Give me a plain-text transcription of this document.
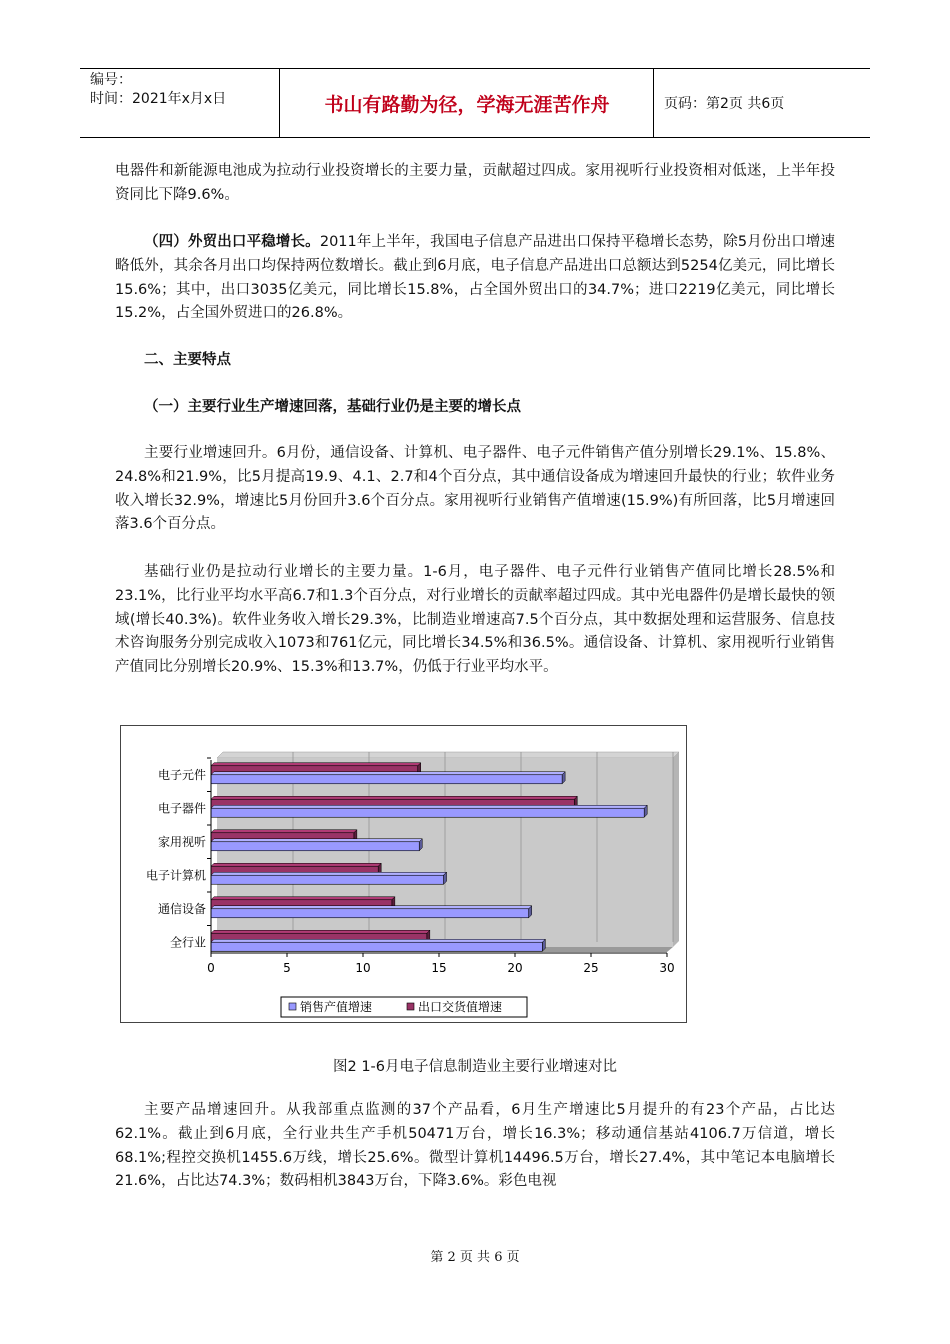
编号：
时间：2021年x月x日	书山有路勤为径，学海无涯苦作舟	页码：第2页 共6页

电器件和新能源电池成为拉动行业投资增长的主要力量，贡献超过四成。家用视听行业投资相对低迷，上半年投资同比下降9.6%。

（四）外贸出口平稳增长。2011年上半年，我国电子信息产品进出口保持平稳增长态势，除5月份出口增速略低外，其余各月出口均保持两位数增长。截止到6月底，电子信息产品进出口总额达到5254亿美元，同比增长15.6%；其中，出口3035亿美元，同比增长15.8%，占全国外贸出口的34.7%；进口2219亿美元，同比增长15.2%，占全国外贸进口的26.8%。

二、主要特点

（一）主要行业生产增速回落，基础行业仍是主要的增长点

主要行业增速回升。6月份，通信设备、计算机、电子器件、电子元件销售产值分别增长29.1%、15.8%、24.8%和21.9%，比5月提高19.9、4.1、2.7和4个百分点，其中通信设备成为增速回升最快的行业；软件业务收入增长32.9%，增速比5月份回升3.6个百分点。家用视听行业销售产值增速(15.9%)有所回落，比5月增速回落3.6个百分点。

基础行业仍是拉动行业增长的主要力量。1-6月，电子器件、电子元件行业销售产值同比增长28.5%和23.1%，比行业平均水平高6.7和1.3个百分点，对行业增长的贡献率超过四成。其中光电器件仍是增长最快的领域(增长40.3%)。软件业务收入增长29.3%，比制造业增速高7.5个百分点，其中数据处理和运营服务、信息技术咨询服务分别完成收入1073和761亿元，同比增长34.5%和36.5%。通信设备、计算机、家用视听行业销售产值同比分别增长20.9%、15.3%和13.7%，仍低于行业平均水平。

0	5	10	15	20	25	30
电子元件
电子器件
家用视听
电子计算机
通信设备
全行业
销售产值增速	出口交货值增速
图2 1-6月电子信息制造业主要行业增速对比

主要产品增速回升。从我部重点监测的37个产品看，6月生产增速比5月提升的有23个产品，占比达62.1%。截止到6月底，全行业共生产手机50471万台，增长16.3%；移动通信基站4106.7万信道，增长68.1%;程控交换机1455.6万线，增长25.6%。微型计算机14496.5万台，增长27.4%，其中笔记本电脑增长21.6%，占比达74.3%；数码相机3843万台，下降3.6%。彩色电视

第 2 页 共 6 页
